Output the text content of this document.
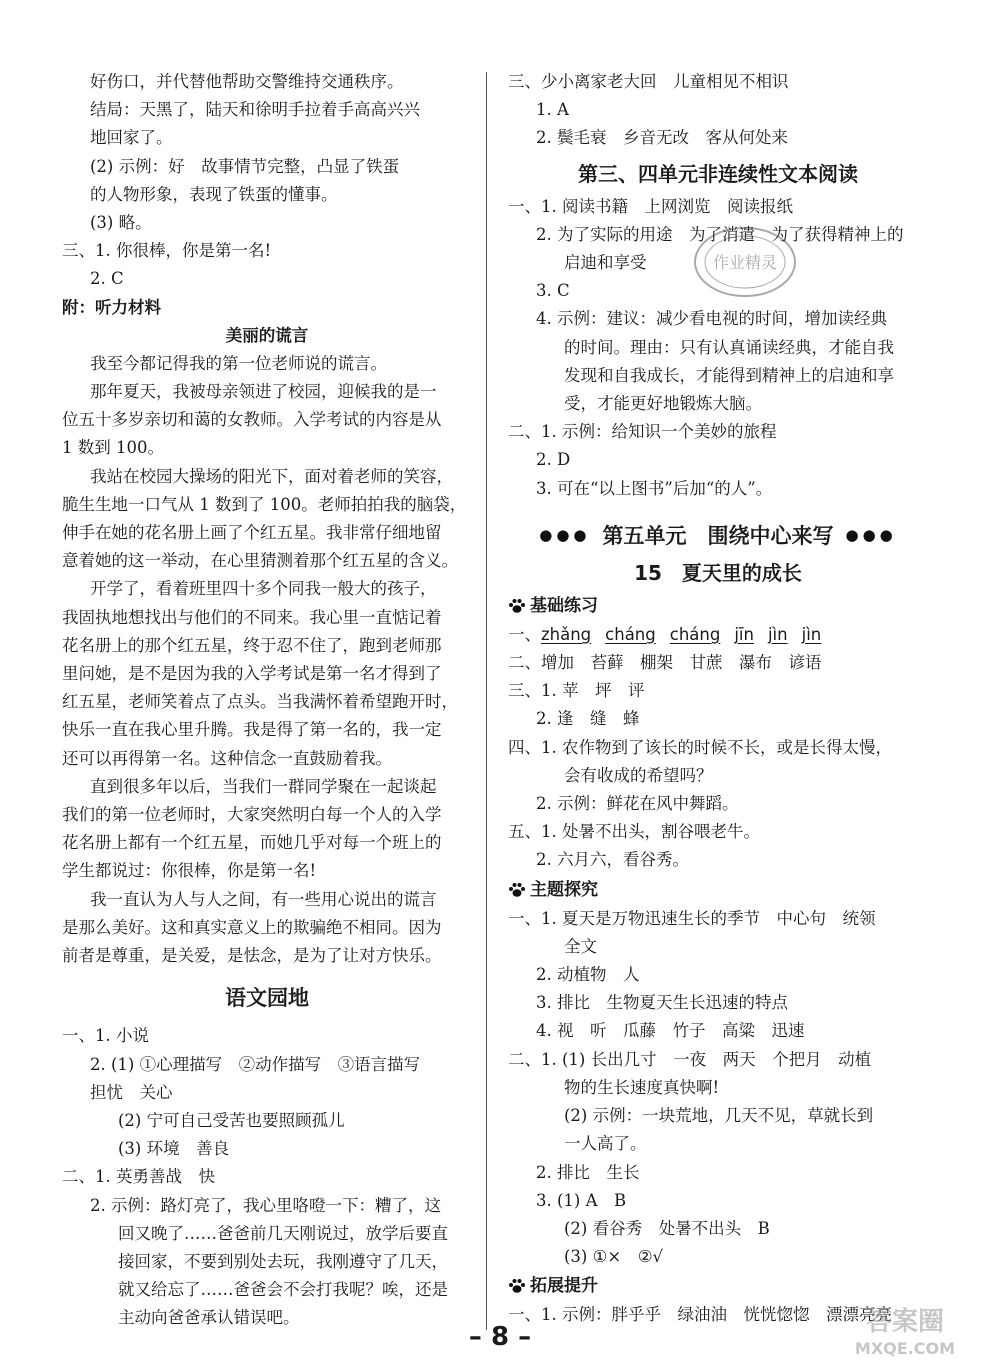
好伤口，并代替他帮助交警维持交通秩序。
结局：天黑了，陆天和徐明手拉着手高高兴兴
地回家了。
(2) 示例：好　故事情节完整，凸显了铁蛋
的人物形象，表现了铁蛋的懂事。
(3) 略。
三、1. 你很棒，你是第一名!
2. C
附：听力材料
美丽的谎言
我至今都记得我的第一位老师说的谎言。
那年夏天，我被母亲领进了校园，迎候我的是一
位五十多岁亲切和蔼的女教师。入学考试的内容是从
1 数到 100。
我站在校园大操场的阳光下，面对着老师的笑容，
脆生生地一口气从 1 数到了 100。老师拍拍我的脑袋，
伸手在她的花名册上画了个红五星。我非常仔细地留
意着她的这一举动，在心里猜测着那个红五星的含义。
开学了，看着班里四十多个同我一般大的孩子，
我固执地想找出与他们的不同来。我心里一直惦记着
花名册上的那个红五星，终于忍不住了，跑到老师那
里问她，是不是因为我的入学考试是第一名才得到了
红五星，老师笑着点了点头。当我满怀着希望跑开时，
快乐一直在我心里升腾。我是得了第一名的，我一定
还可以再得第一名。这种信念一直鼓励着我。
直到很多年以后，当我们一群同学聚在一起谈起
我们的第一位老师时，大家突然明白每一个人的入学
花名册上都有一个红五星，而她几乎对每一个班上的
学生都说过：你很棒，你是第一名!
我一直认为人与人之间，有一些用心说出的谎言
是那么美好。这和真实意义上的欺骗绝不相同。因为
前者是尊重，是关爱，是怯念，是为了让对方快乐。
语文园地
一、1. 小说
2. (1) ①心理描写　②动作描写　③语言描写
担忧　关心
(2) 宁可自己受苦也要照顾孤儿
(3) 环境　善良
二、1. 英勇善战　快
2. 示例：路灯亮了，我心里咯噔一下：糟了，这
回又晚了……爸爸前几天刚说过，放学后要直
接回家，不要到别处去玩，我刚遵守了几天，
就又给忘了……爸爸会不会打我呢？唉，还是
主动向爸爸承认错误吧。
三、少小离家老大回　儿童相见不相识
1. A
2. 鬓毛衰　乡音无改　客从何处来
第三、四单元非连续性文本阅读
一、1. 阅读书籍　上网浏览　阅读报纸
2. 为了实际的用途　为了消遣　为了获得精神上的
启迪和享受
3. C
4. 示例：建议：减少看电视的时间，增加读经典
的时间。理由：只有认真诵读经典，才能自我
发现和自我成长，才能得到精神上的启迪和享
受，才能更好地锻炼大脑。
二、1. 示例：给知识一个美妙的旅程
2. D
3. 可在“以上图书”后加“的人”。
●●● 第五单元　围绕中心来写 ●●●
15　夏天里的成长
基础练习
一、zhǎng cháng cháng jīn jìn jìn
二、增加　苔藓　棚架　甘蔗　瀑布　谚语
三、1. 苹　坪　评
2. 逢　缝　蜂
四、1. 农作物到了该长的时候不长，或是长得太慢，
会有收成的希望吗？
2. 示例：鲜花在风中舞蹈。
五、1. 处暑不出头，割谷喂老牛。
2. 六月六，看谷秀。
主题探究
一、1. 夏天是万物迅速生长的季节　中心句　统领
全文
2. 动植物　人
3. 排比　生物夏天生长迅速的特点
4. 视　听　瓜藤　竹子　高粱　迅速
二、1. (1) 长出几寸　一夜　两天　个把月　动植
物的生长速度真快啊!
(2) 示例：一块荒地，几天不见，草就长到
一人高了。
2. 排比　生长
3. (1) A　B
(2) 看谷秀　处暑不出头　B
(3) ①×　②√
拓展提升
一、1. 示例：胖乎乎　绿油油　恍恍惚惚　漂漂亮亮
作业精灵
– 8 –	答案圈
MXQE.COM
